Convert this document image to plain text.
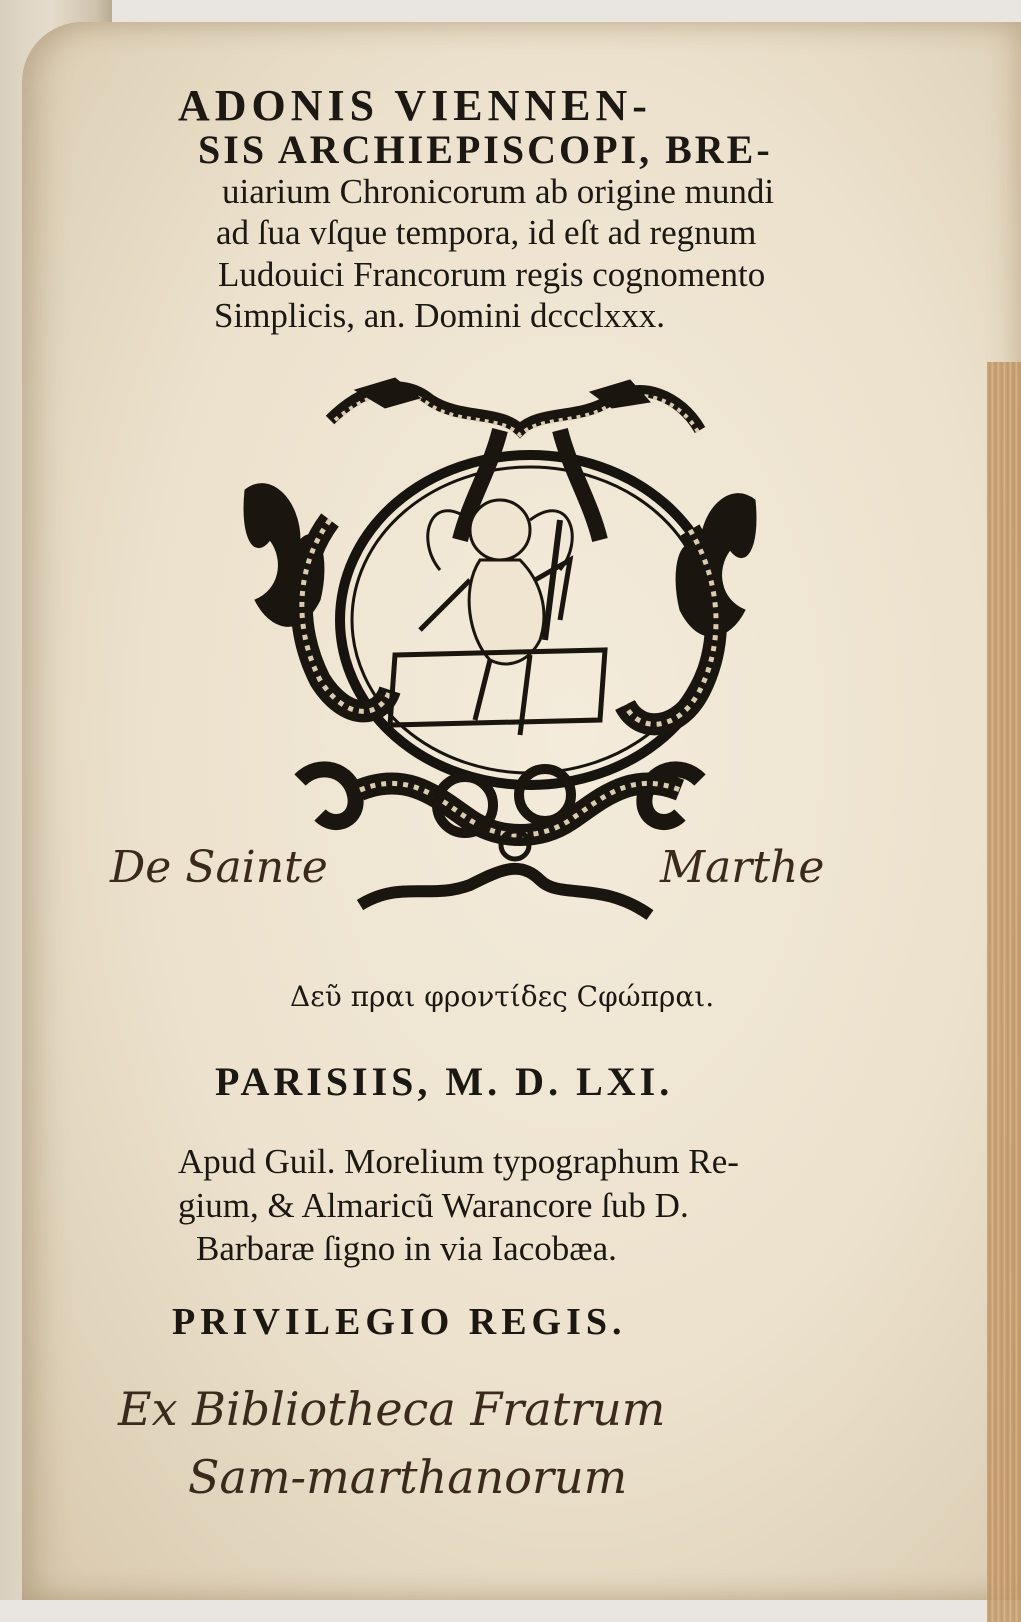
ADONIS VIENNEN-
SIS ARCHIEPISCOPI, BRE-
uiarium Chronicorum ab origine mundi
ad ſua vſque tempora, id eſt ad regnum
Ludouici Francorum regis cognomento
Simplicis, an. Domini dccclxxx.
De Sainte	Marthe
Δεῦ πραι φροντίδες Cφώπραι.
PARISIIS, M. D. LXI.
Apud Guil. Morelium typographum Re-
gium, & Almaricũ Warancore ſub D.
Barbaræ ſigno in via Iacobæa.
PRIVILEGIO REGIS.
Ex Bibliotheca Fratrum
Sam-marthanorum
